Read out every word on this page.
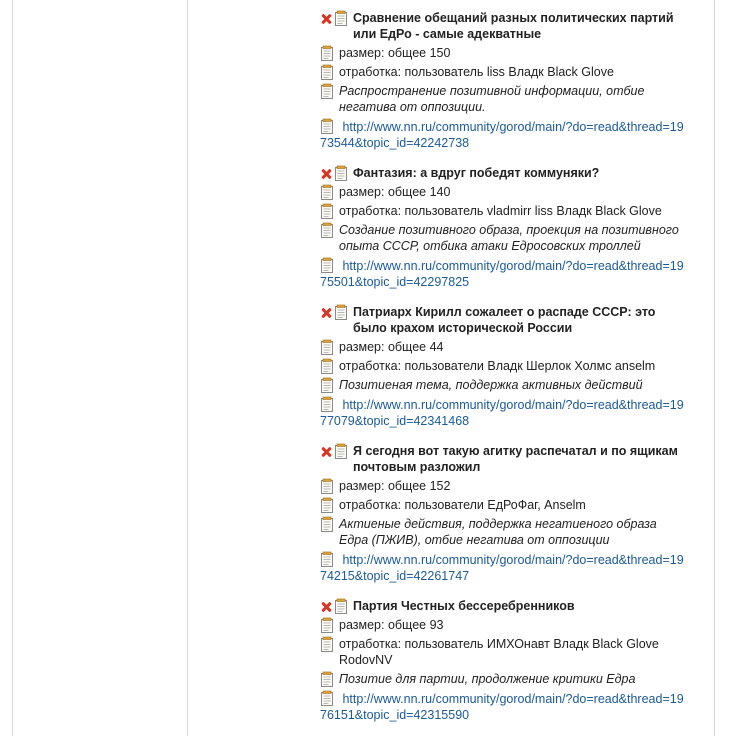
Сравнение обещаний разных политических партий или ЕдРо - самые адекватные
размер: общее 150
отработка: пользователь liss Владк Black Glove
Распространение позитивной информации, отбие негатива от оппозиции.
http://www.nn.ru/community/gorod/main/?do=read&thread=1973544&topic_id=42242738
Фантазия: а вдруг победят коммуняки?
размер: общее 140
отработка: пользователь vladmirr liss Владк Black Glove
Создание позитивного образа, проекция на позитивного опыта СССР, отбика атаки Едросовских троллей
http://www.nn.ru/community/gorod/main/?do=read&thread=1975501&topic_id=42297825
Патриарх Кирилл сожалеет о распаде СССР: это было крахом исторической России
размер: общее 44
отработка: пользователи Владк Шерлок Холмс anselm
Позитиеная тема, поддержка активных действий
http://www.nn.ru/community/gorod/main/?do=read&thread=1977079&topic_id=42341468
Я сегодня вот такую агитку распечатал и по ящикам почтовым разложил
размер: общее 152
отработка: пользователи ЕдРоФаг, Anselm
Актиеные действия, поддержка негатиеного образа Едра (ПЖИВ), отбие негатива от оппозиции
http://www.nn.ru/community/gorod/main/?do=read&thread=1974215&topic_id=42261747
Партия Честных бессеребренников
размер: общее 93
отработка: пользователь ИМХОнавт Владк Black Glove RodovNV
Позитие для партии, продолжение критики Едра
http://www.nn.ru/community/gorod/main/?do=read&thread=1976151&topic_id=42315590
